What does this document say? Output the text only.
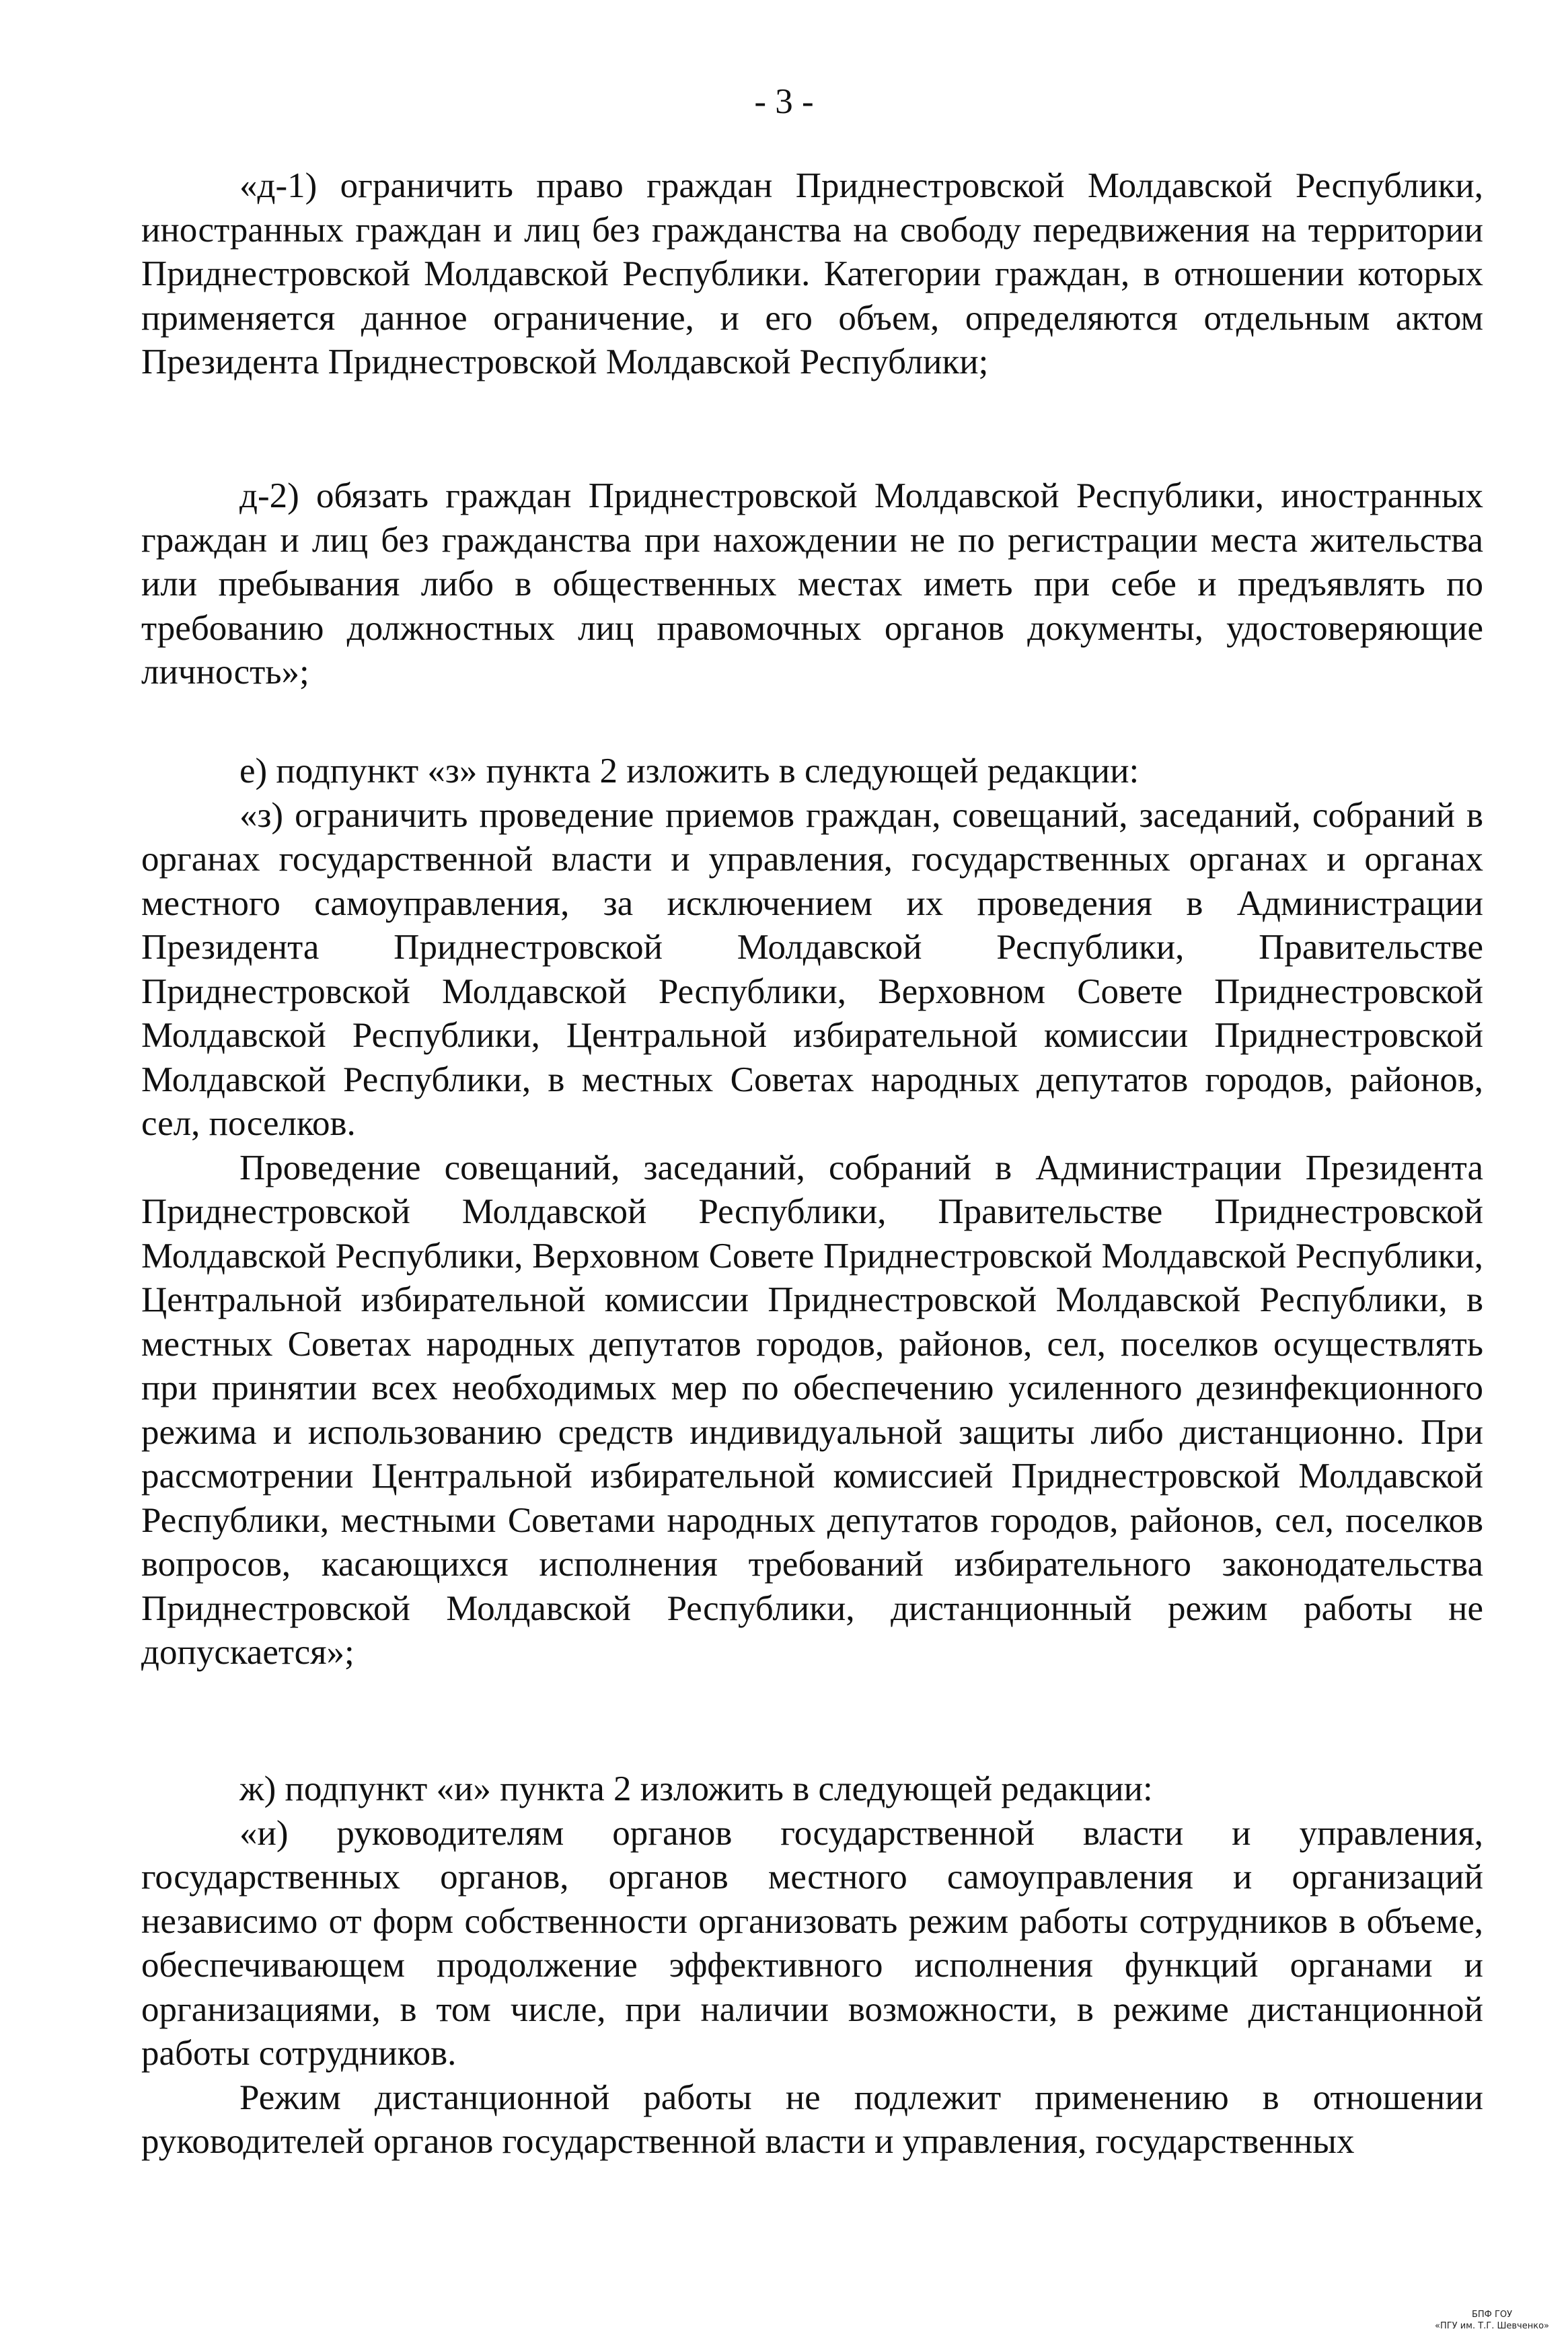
- 3 -

«д-1) ограничить право граждан Приднестровской Молдавской Республики, иностранных граждан и лиц без гражданства на свободу передвижения на территории Приднестровской Молдавской Республики. Категории граждан, в отношении которых применяется данное ограничение, и его объем, определяются отдельным актом Президента Приднестровской Молдавской Республики;

д-2) обязать граждан Приднестровской Молдавской Республики, иностранных граждан и лиц без гражданства при нахождении не по регистрации места жительства или пребывания либо в общественных местах иметь при себе и предъявлять по требованию должностных лиц правомочных органов документы, удостоверяющие личность»;

е) подпункт «з» пункта 2 изложить в следующей редакции:

«з) ограничить проведение приемов граждан, совещаний, заседаний, собраний в органах государственной власти и управления, государственных органах и органах местного самоуправления, за исключением их проведения в Администрации Президента Приднестровской Молдавской Республики, Правительстве Приднестровской Молдавской Республики, Верховном Совете Приднестровской Молдавской Республики, Центральной избирательной комиссии Приднестровской Молдавской Республики, в местных Советах народных депутатов городов, районов, сел, поселков.

Проведение совещаний, заседаний, собраний в Администрации Президента Приднестровской Молдавской Республики, Правительстве Приднестровской Молдавской Республики, Верховном Совете Приднестровской Молдавской Республики, Центральной избирательной комиссии Приднестровской Молдавской Республики, в местных Советах народных депутатов городов, районов, сел, поселков осуществлять при принятии всех необходимых мер по обеспечению усиленного дезинфекционного режима и использованию средств индивидуальной защиты либо дистанционно. При рассмотрении Центральной избирательной комиссией Приднестровской Молдавской Республики, местными Советами народных депутатов городов, районов, сел, поселков вопросов, касающихся исполнения требований избирательного законодательства Приднестровской Молдавской Республики, дистанционный режим работы не допускается»;

ж) подпункт «и» пункта 2 изложить в следующей редакции:

«и) руководителям органов государственной власти и управления, государственных органов, органов местного самоуправления и организаций независимо от форм собственности организовать режим работы сотрудников в объеме, обеспечивающем продолжение эффективного исполнения функций органами и организациями, в том числе, при наличии возможности, в режиме дистанционной работы сотрудников.

Режим дистанционной работы не подлежит применению в отношении руководителей органов государственной власти и управления, государственных

БПФ ГОУ
«ПГУ им. Т.Г. Шевченко»
